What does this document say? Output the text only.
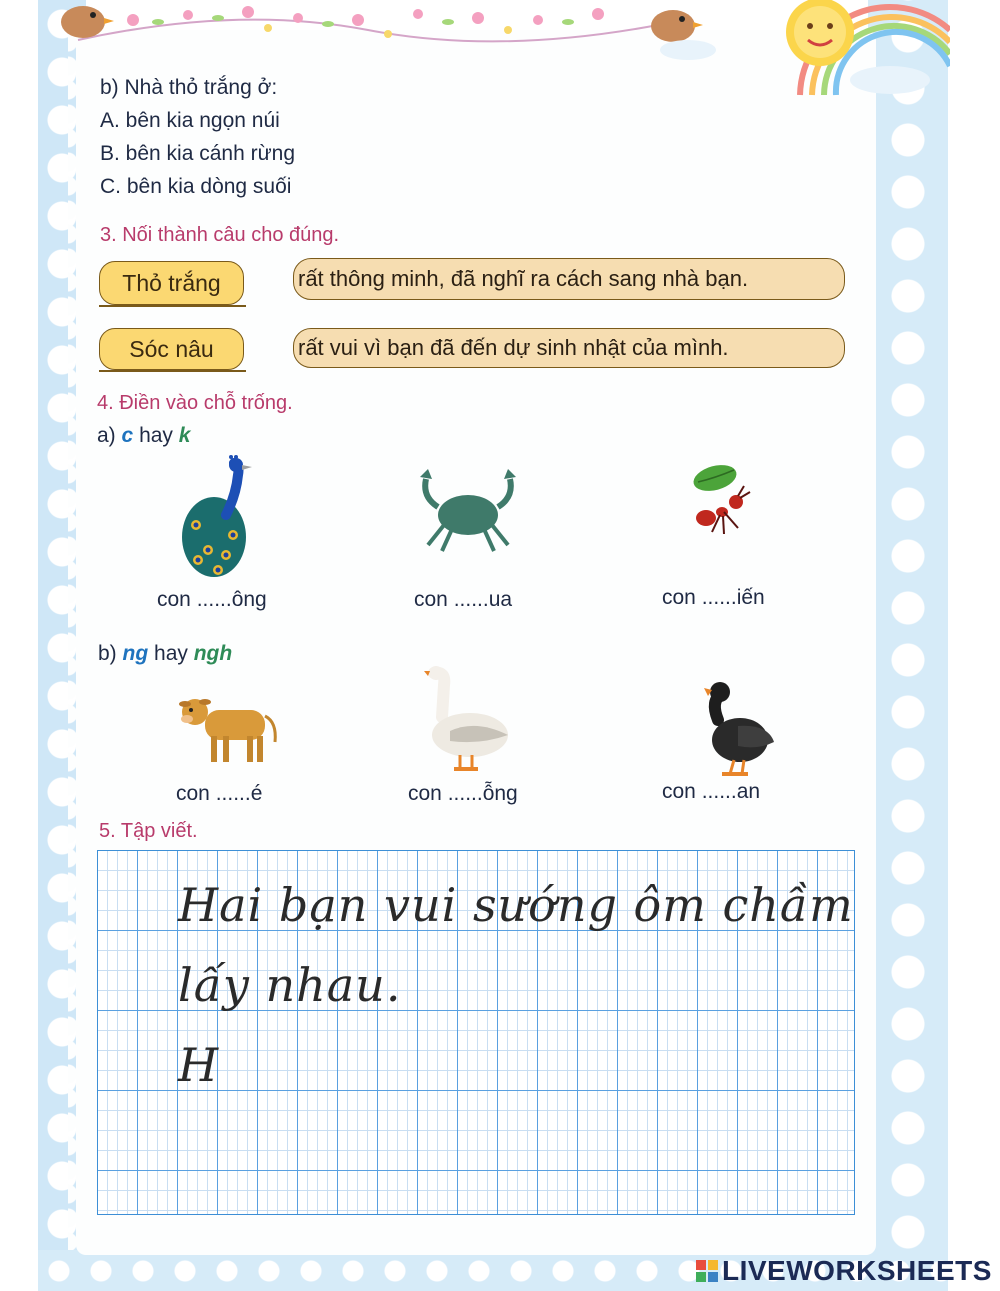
b) Nhà thỏ trắng ở:
A. bên kia ngọn núi
B. bên kia cánh rừng
C. bên kia dòng suối
3. Nối thành câu cho đúng.
Thỏ trắng	rất thông minh, đã nghĩ ra cách sang nhà bạn.
Sóc nâu	rất vui vì bạn đã đến dự sinh nhật của mình.
4. Điền vào chỗ trống.
a) c hay k
con ......ông	con ......ua	con ......iến
b) ng hay ngh
con ......é	con ......ỗng	con ......an
5. Tập viết.
Hai bạn vui sướng ôm chầm
lấy nhau.
H
LIVEWORKSHEETS
